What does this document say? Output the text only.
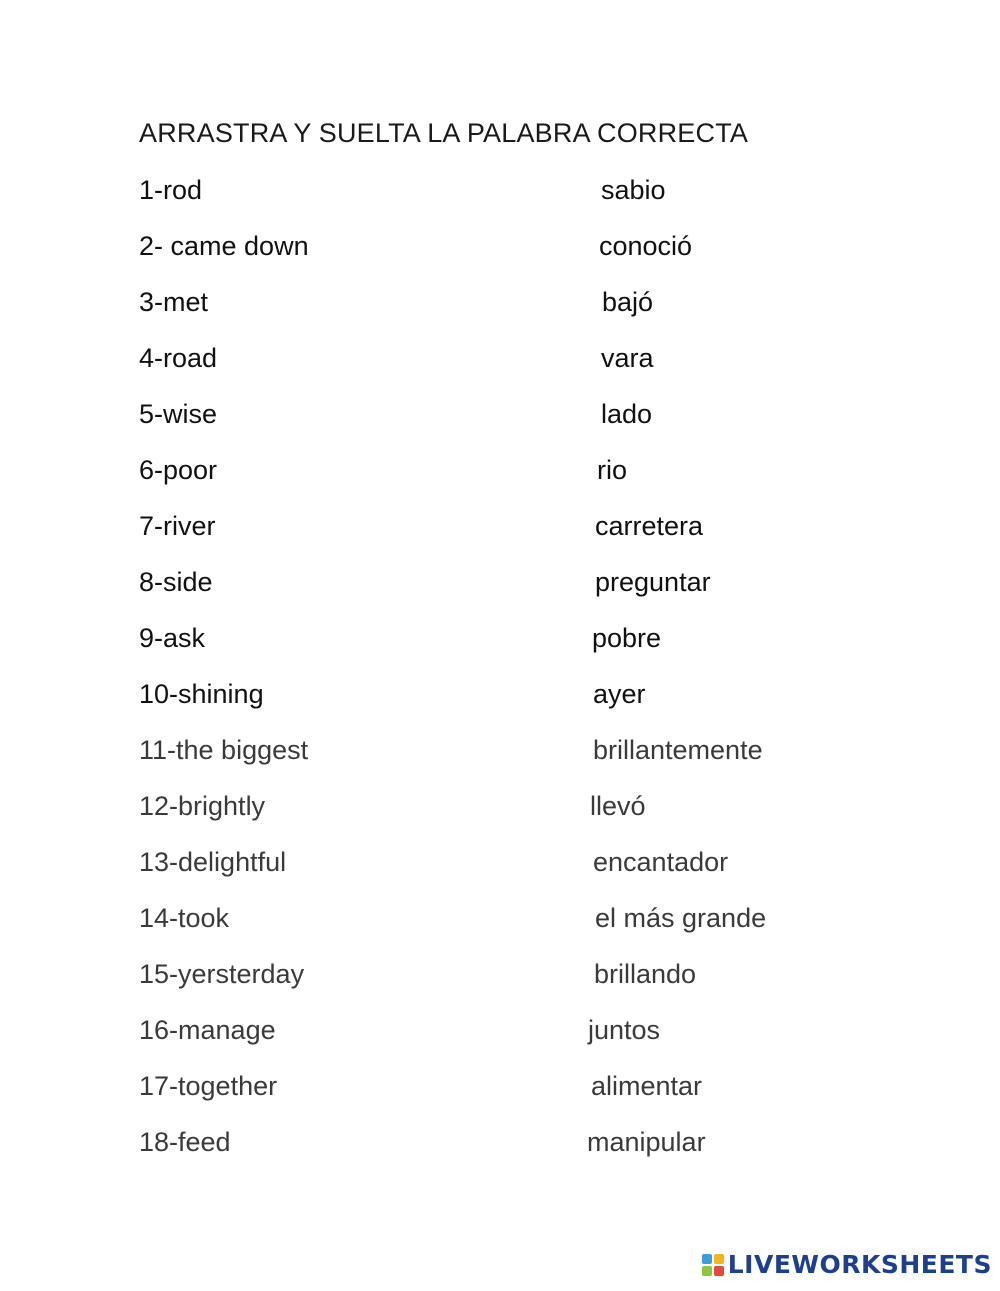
ARRASTRA Y SUELTA LA PALABRA CORRECTA
1-rod	sabio
2- came down	conoció
3-met	bajó
4-road	vara
5-wise	lado
6-poor	rio
7-river	carretera
8-side	preguntar
9-ask	pobre
10-shining	ayer
11-the biggest	brillantemente
12-brightly	llevó
13-delightful	encantador
14-took	el más grande
15-yersterday	brillando
16-manage	juntos
17-together	alimentar
18-feed	manipular
LIVEWORKSHEETS
